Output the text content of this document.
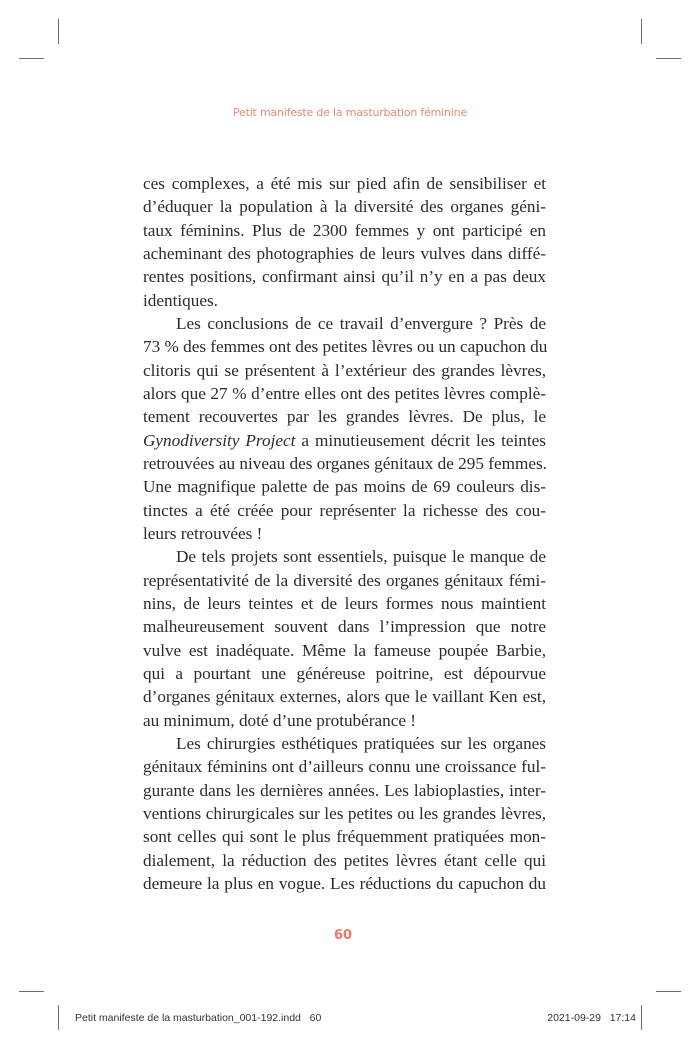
Petit manifeste de la masturbation féminine
ces complexes, a été mis sur pied afin de sensibiliser et
d’éduquer la population à la diversité des organes géni-
taux féminins. Plus de 2300 femmes y ont participé en
acheminant des photographies de leurs vulves dans diffé-
rentes positions, confirmant ainsi qu’il n’y en a pas deux
identiques.
Les conclusions de ce travail d’envergure ? Près de
73 % des femmes ont des petites lèvres ou un capuchon du
clitoris qui se présentent à l’extérieur des grandes lèvres,
alors que 27 % d’entre elles ont des petites lèvres complè-
tement recouvertes par les grandes lèvres. De plus, le
Gynodiversity Project a minutieusement décrit les teintes
retrouvées au niveau des organes génitaux de 295 femmes.
Une magnifique palette de pas moins de 69 couleurs dis-
tinctes a été créée pour représenter la richesse des cou-
leurs retrouvées !
De tels projets sont essentiels, puisque le manque de
représentativité de la diversité des organes génitaux fémi-
nins, de leurs teintes et de leurs formes nous maintient
malheureusement souvent dans l’impression que notre
vulve est inadéquate. Même la fameuse poupée Barbie,
qui a pourtant une généreuse poitrine, est dépourvue
d’organes génitaux externes, alors que le vaillant Ken est,
au minimum, doté d’une protubérance !
Les chirurgies esthétiques pratiquées sur les organes
génitaux féminins ont d’ailleurs connu une croissance ful-
gurante dans les dernières années. Les labioplasties, inter-
ventions chirurgicales sur les petites ou les grandes lèvres,
sont celles qui sont le plus fréquemment pratiquées mon-
dialement, la réduction des petites lèvres étant celle qui
demeure la plus en vogue. Les réductions du capuchon du
60
Petit manifeste de la masturbation_001-192.indd   60	2021-09-29   17:14
